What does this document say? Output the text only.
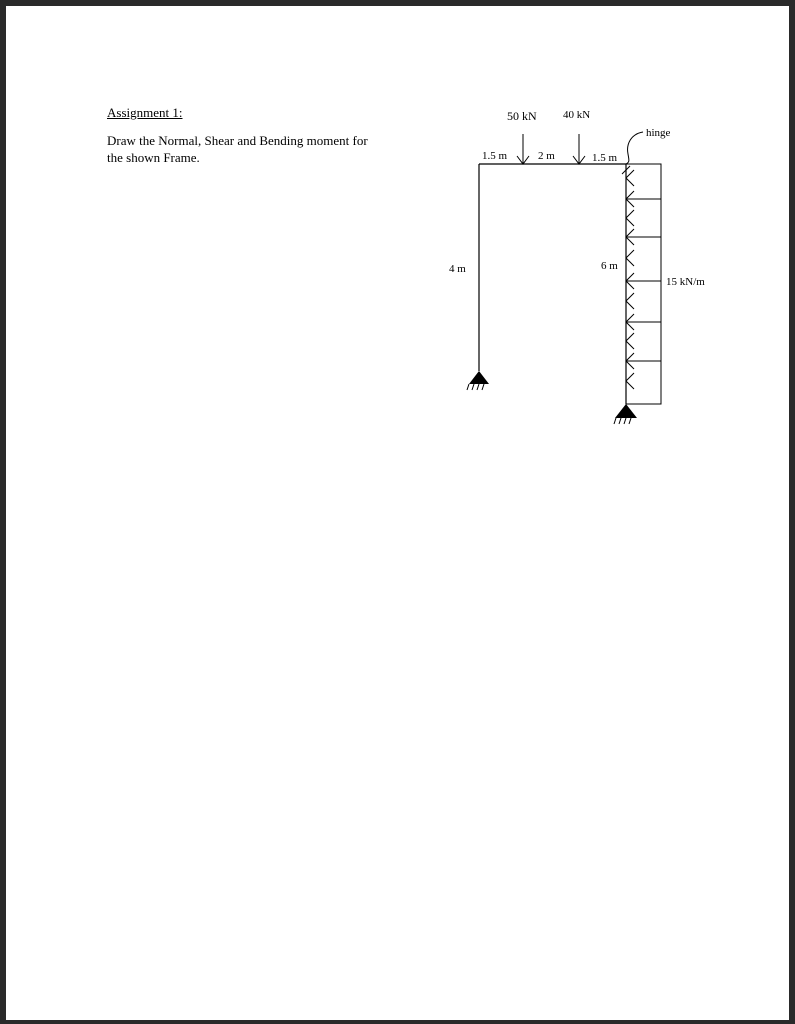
Assignment 1:
Draw the Normal, Shear and Bending moment for
the shown Frame.
50 kN 40 kN
hinge
1.5 m	2 m	1.5 m
4 m	6 m
15 kN/m
